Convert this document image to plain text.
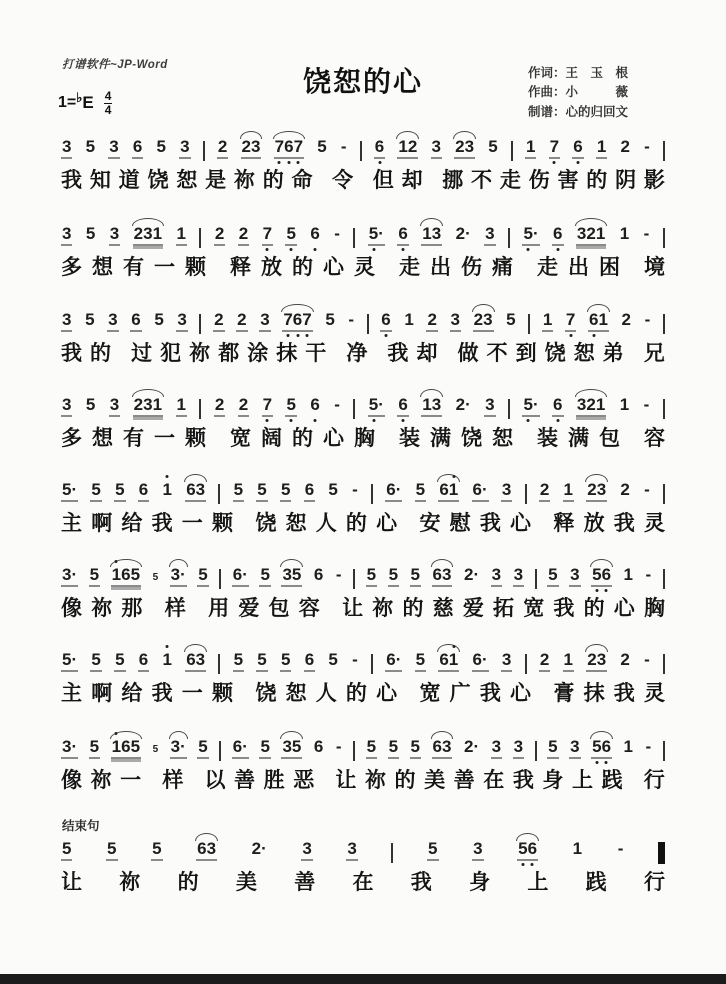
打谱软件~JP-Word
饶恕的心
1= ♭ E $\frac{4}{4}$
作词：王　玉　根
作曲：小　　　薇
制谱：心的归回文
3 5 3 6 5 3 2 23 767 5 - 6 12 3 23 5 1 7 6 1 2 -
我 知 道 饶 恕 是 祢 的 命 令 但 却 挪 不 走 伤 害 的 阴 影
3 5 3 231 1 2 2 7 5 6 - 5· 6 13 2· 3 5· 6 321 1 -
多 想 有 一 颗 释 放 的 心 灵 走 出 伤 痛 走 出 困 境
3 5 3 6 5 3 2 2 3 767 5 - 6 1 2 3 23 5 1 7 61 2 -
我 的 过 犯 祢 都 涂 抹 干 净 我 却 做 不 到 饶 恕 弟 兄
3 5 3 231 1 2 2 7 5 6 - 5· 6 13 2· 3 5· 6 321 1 -
多 想 有 一 颗 宽 阔 的 心 胸 装 满 饶 恕 装 满 包 容
5· 5 5 6 1 63 5 5 5 6 5 - 6· 5 61 6· 3 2 1 23 2 -
主 啊 给 我 一 颗 饶 恕 人 的 心 安 慰 我 心 释 放 我 灵
3· 5 165 5 3· 5 6· 5 35 6 - 5 5 5 63 2· 3 3 5 3 56 1 -
像 祢 那 样 用 爱 包 容 让 祢 的 慈 爱 拓 宽 我 的 心 胸
5· 5 5 6 1 63 5 5 5 6 5 - 6· 5 61 6· 3 2 1 23 2 -
主 啊 给 我 一 颗 饶 恕 人 的 心 宽 广 我 心 膏 抹 我 灵
3· 5 165 5 3· 5 6· 5 35 6 - 5 5 5 63 2· 3 3 5 3 56 1 -
像 祢 一 样 以 善 胜 恶 让 祢 的 美 善 在 我 身 上 践 行
结束句
5 5 5 63 2· 3 3	5 3 56 1 -
让 祢 的 美 善 在 我 身 上 践 行
